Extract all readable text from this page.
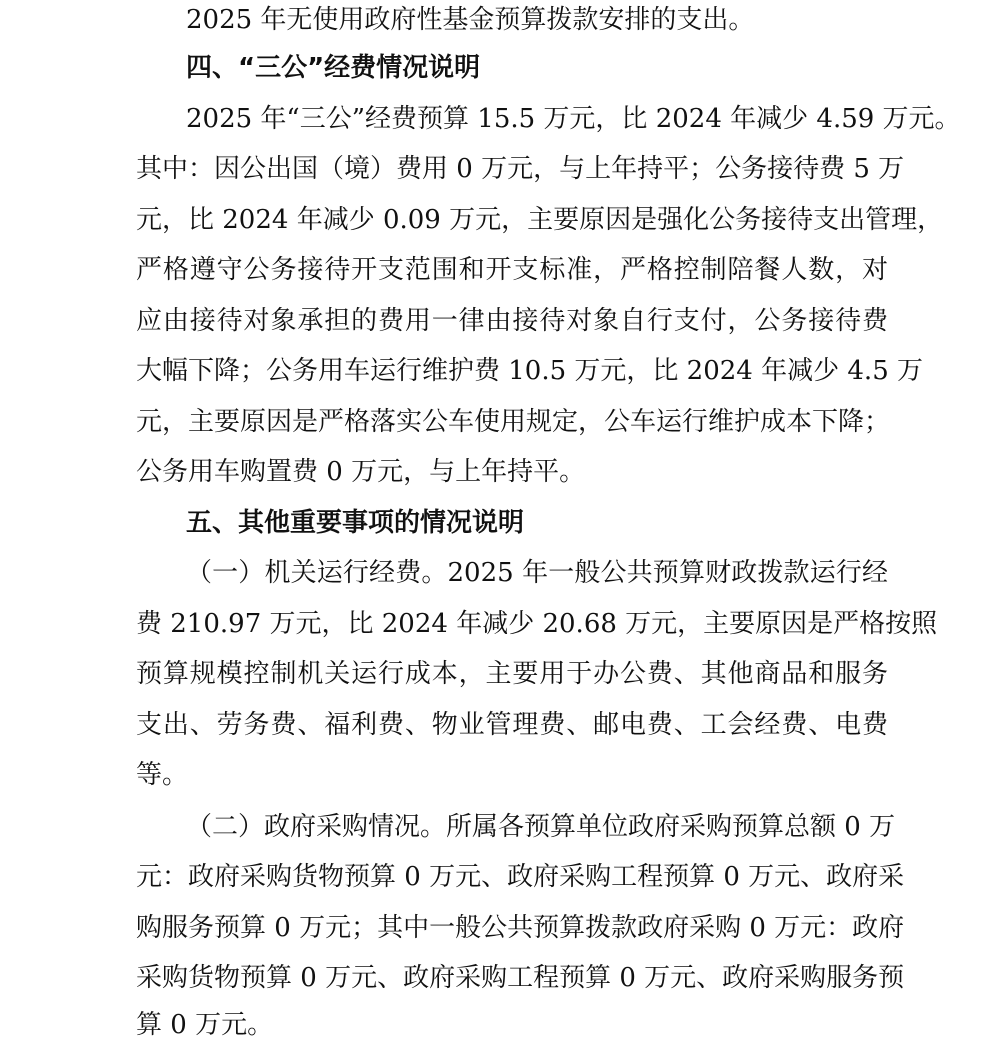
2025 年无使用政府性基金预算拨款安排的支出。
四、“三公”经费情况说明
2025 年“三公”经费预算 15.5 万元，比 2024 年减少 4.59 万元。
其中：因公出国（境）费用 0 万元，与上年持平；公务接待费 5 万
元，比 2024 年减少 0.09 万元，主要原因是强化公务接待支出管理，
严格遵守公务接待开支范围和开支标准，严格控制陪餐人数，对
应由接待对象承担的费用一律由接待对象自行支付，公务接待费
大幅下降；公务用车运行维护费 10.5 万元，比 2024 年减少 4.5 万
元，主要原因是严格落实公车使用规定，公车运行维护成本下降；
公务用车购置费 0 万元，与上年持平。
五、其他重要事项的情况说明
（一）机关运行经费。2025 年一般公共预算财政拨款运行经
费 210.97 万元，比 2024 年减少 20.68 万元，主要原因是严格按照
预算规模控制机关运行成本，主要用于办公费、其他商品和服务
支出、劳务费、福利费、物业管理费、邮电费、工会经费、电费
等。
（二）政府采购情况。所属各预算单位政府采购预算总额 0 万
元：政府采购货物预算 0 万元、政府采购工程预算 0 万元、政府采
购服务预算 0 万元；其中一般公共预算拨款政府采购 0 万元：政府
采购货物预算 0 万元、政府采购工程预算 0 万元、政府采购服务预
算 0 万元。
